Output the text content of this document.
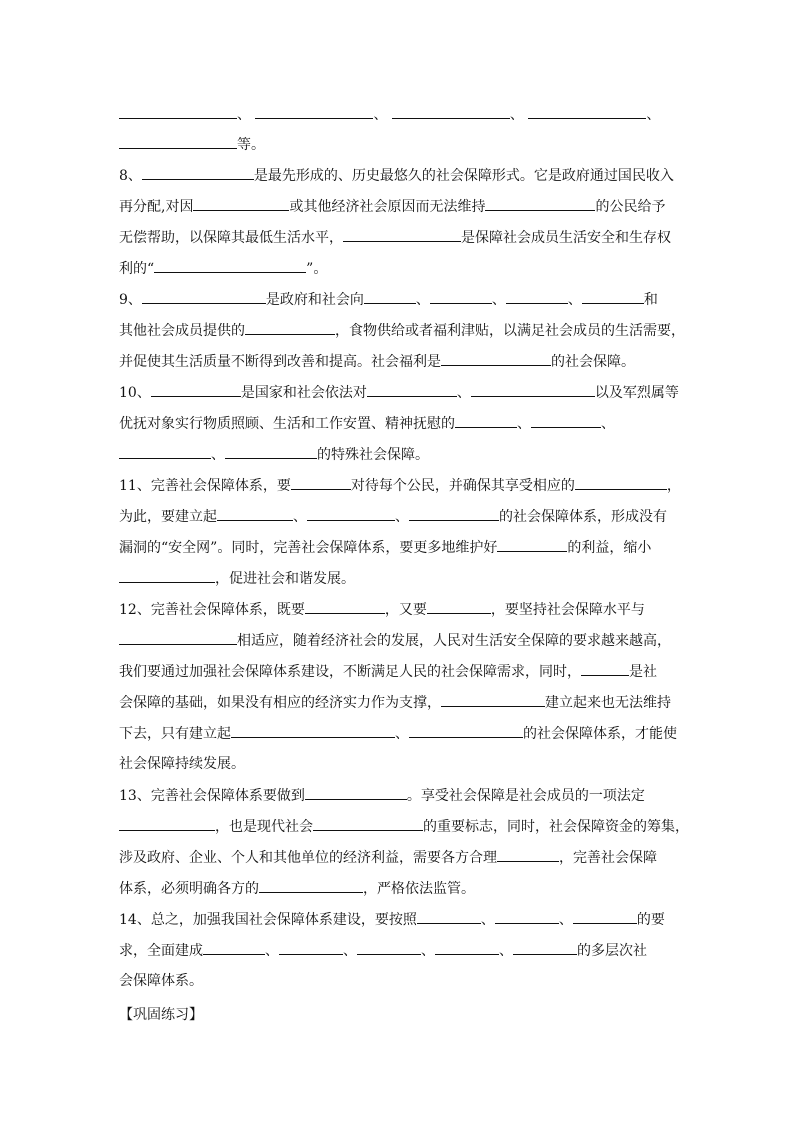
、	、	、	、
等。
8、	是最先形成的、历史最悠久的社会保障形式。它是政府通过国民收入
再分配,对因	或其他经济社会原因而无法维持	的公民给予
无偿帮助，以保障其最低生活水平，	是保障社会成员生活安全和生存权
利的“	”。
9、	是政府和社会向	、	、	、	和
其他社会成员提供的	，食物供给或者福利津贴，以满足社会成员的生活需要，
并促使其生活质量不断得到改善和提高。社会福利是	的社会保障。
10、	是国家和社会依法对	、	以及军烈属等
优抚对象实行物质照顾、生活和工作安置、精神抚慰的	、	、
、	的特殊社会保障。
11、完善社会保障体系，要	对待每个公民，并确保其享受相应的	，
为此，要建立起	、	、	的社会保障体系，形成没有
漏洞的“安全网”。同时，完善社会保障体系，要更多地维护好	的利益，缩小
，促进社会和谐发展。
12、完善社会保障体系，既要	，又要	，要坚持社会保障水平与
相适应，随着经济社会的发展，人民对生活安全保障的要求越来越高，
我们要通过加强社会保障体系建设，不断满足人民的社会保障需求，同时，	是社
会保障的基础，如果没有相应的经济实力作为支撑，	建立起来也无法维持
下去，只有建立起	、	的社会保障体系，才能使
社会保障持续发展。
13、完善社会保障体系要做到	。享受社会保障是社会成员的一项法定
，也是现代社会	的重要标志，同时，社会保障资金的筹集，
涉及政府、企业、个人和其他单位的经济利益，需要各方合理	，完善社会保障
体系，必须明确各方的	，严格依法监管。
14、总之，加强我国社会保障体系建设，要按照	、	、	的要
求，全面建成	、	、	、	、	的多层次社
会保障体系。
【巩固练习】
